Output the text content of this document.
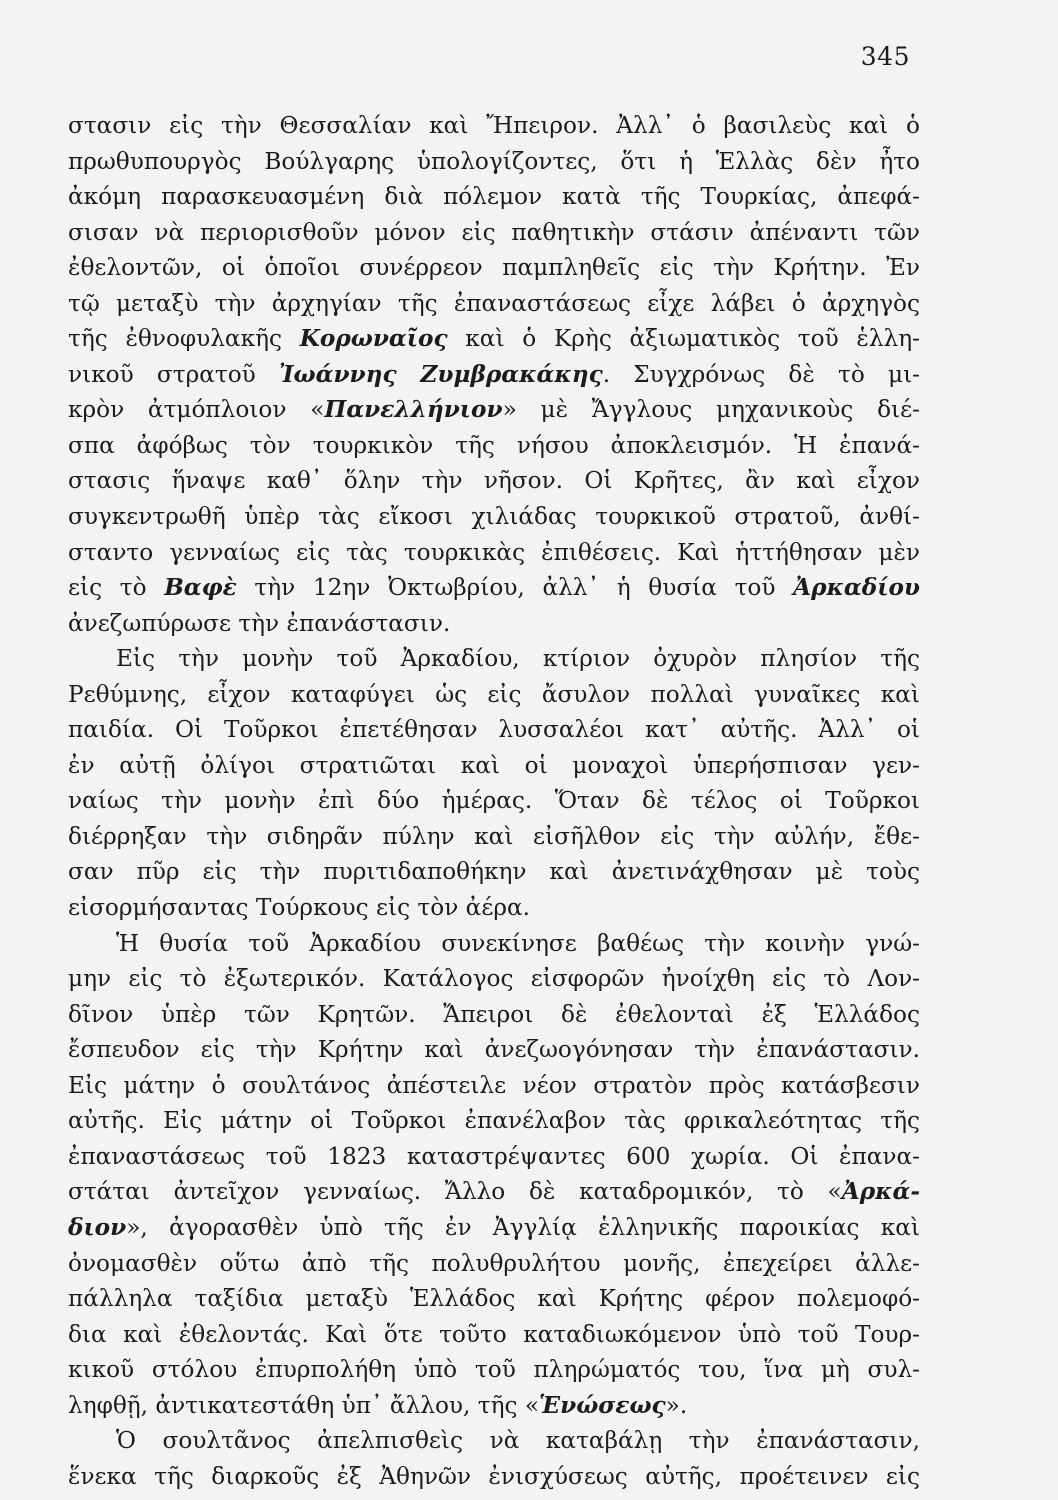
345
στασιν εἰς τὴν Θεσσαλίαν καὶ Ἤπειρον. Ἀλλ᾿ ὁ βασιλεὺς καὶ ὁ
πρωθυπουργὸς Βούλγαρης ὑπολογίζοντες, ὅτι ἡ Ἑλλὰς δὲν ἦτο
ἀκόμη παρασκευασμένη διὰ πόλεμον κατὰ τῆς Τουρκίας, ἀπεφά-
σισαν νὰ περιορισθοῦν μόνον εἰς παθητικὴν στάσιν ἀπέναντι τῶν
ἐθελοντῶν, οἱ ὁποῖοι συνέρρεον παμπληθεῖς εἰς τὴν Κρήτην. Ἐν
τῷ μεταξὺ τὴν ἀρχηγίαν τῆς ἐπαναστάσεως εἶχε λάβει ὁ ἀρχηγὸς
τῆς ἐθνοφυλακῆς Κορωναῖος καὶ ὁ Κρὴς ἀξιωματικὸς τοῦ ἑλλη-
νικοῦ στρατοῦ Ἰωάννης Ζυμβρακάκης. Συγχρόνως δὲ τὸ μι-
κρὸν ἀτμόπλοιον «Πανελλήνιον» μὲ Ἄγγλους μηχανικοὺς διέ-
σπα ἀφόβως τὸν τουρκικὸν τῆς νήσου ἀποκλεισμόν. Ἡ ἐπανά-
στασις ἥναψε καθ᾿ ὅλην τὴν νῆσον. Οἱ Κρῆτες, ἂν καὶ εἶχον
συγκεντρωθῆ ὑπὲρ τὰς εἴκοσι χιλιάδας τουρκικοῦ στρατοῦ, ἀνθί-
σταντο γενναίως εἰς τὰς τουρκικὰς ἐπιθέσεις. Καὶ ἡττήθησαν μὲν
εἰς τὸ Βαφὲ τὴν 12ην Ὀκτωβρίου, ἀλλ᾿ ἡ θυσία τοῦ Ἀρκαδίου
ἀνεζωπύρωσε τὴν ἐπανάστασιν.
Εἰς τὴν μονὴν τοῦ Ἀρκαδίου, κτίριον ὀχυρὸν πλησίον τῆς
Ρεθύμνης, εἶχον καταφύγει ὡς εἰς ἄσυλον πολλαὶ γυναῖκες καὶ
παιδία. Οἱ Τοῦρκοι ἐπετέθησαν λυσσαλέοι κατ᾿ αὐτῆς. Ἀλλ᾿ οἱ
ἐν αὐτῇ ὀλίγοι στρατιῶται καὶ οἱ μοναχοὶ ὑπερήσπισαν γεν-
ναίως τὴν μονὴν ἐπὶ δύο ἡμέρας. Ὅταν δὲ τέλος οἱ Τοῦρκοι
διέρρηξαν τὴν σιδηρᾶν πύλην καὶ εἰσῆλθον εἰς τὴν αὐλήν, ἔθε-
σαν πῦρ εἰς τὴν πυριτιδαποθήκην καὶ ἀνετινάχθησαν μὲ τοὺς
εἰσορμήσαντας Τούρκους εἰς τὸν ἀέρα.
Ἡ θυσία τοῦ Ἀρκαδίου συνεκίνησε βαθέως τὴν κοινὴν γνώ-
μην εἰς τὸ ἐξωτερικόν. Κατάλογος εἰσφορῶν ἠνοίχθη εἰς τὸ Λον-
δῖνον ὑπὲρ τῶν Κρητῶν. Ἄπειροι δὲ ἐθελονταὶ ἐξ Ἑλλάδος
ἔσπευδον εἰς τὴν Κρήτην καὶ ἀνεζωογόνησαν τὴν ἐπανάστασιν.
Εἰς μάτην ὁ σουλτάνος ἀπέστειλε νέον στρατὸν πρὸς κατάσβεσιν
αὐτῆς. Εἰς μάτην οἱ Τοῦρκοι ἐπανέλαβον τὰς φρικαλεότητας τῆς
ἐπαναστάσεως τοῦ 1823 καταστρέψαντες 600 χωρία. Οἱ ἐπανα-
στάται ἀντεῖχον γενναίως. Ἄλλο δὲ καταδρομικόν, τὸ «Ἀρκά-
διον», ἀγορασθὲν ὑπὸ τῆς ἐν Ἀγγλίᾳ ἑλληνικῆς παροικίας καὶ
ὀνομασθὲν οὕτω ἀπὸ τῆς πολυθρυλήτου μονῆς, ἐπεχείρει ἀλλε-
πάλληλα ταξίδια μεταξὺ Ἑλλάδος καὶ Κρήτης φέρον πολεμοφό-
δια καὶ ἐθελοντάς. Καὶ ὅτε τοῦτο καταδιωκόμενον ὑπὸ τοῦ Τουρ-
κικοῦ στόλου ἐπυρπολήθη ὑπὸ τοῦ πληρώματός του, ἵνα μὴ συλ-
ληφθῇ, ἀντικατεστάθη ὑπ᾿ ἄλλου, τῆς «Ἑνώσεως».
Ὁ σουλτᾶνος ἀπελπισθεὶς νὰ καταβάλῃ τὴν ἐπανάστασιν,
ἕνεκα τῆς διαρκοῦς ἐξ Ἀθηνῶν ἐνισχύσεως αὐτῆς, προέτεινεν εἰς
